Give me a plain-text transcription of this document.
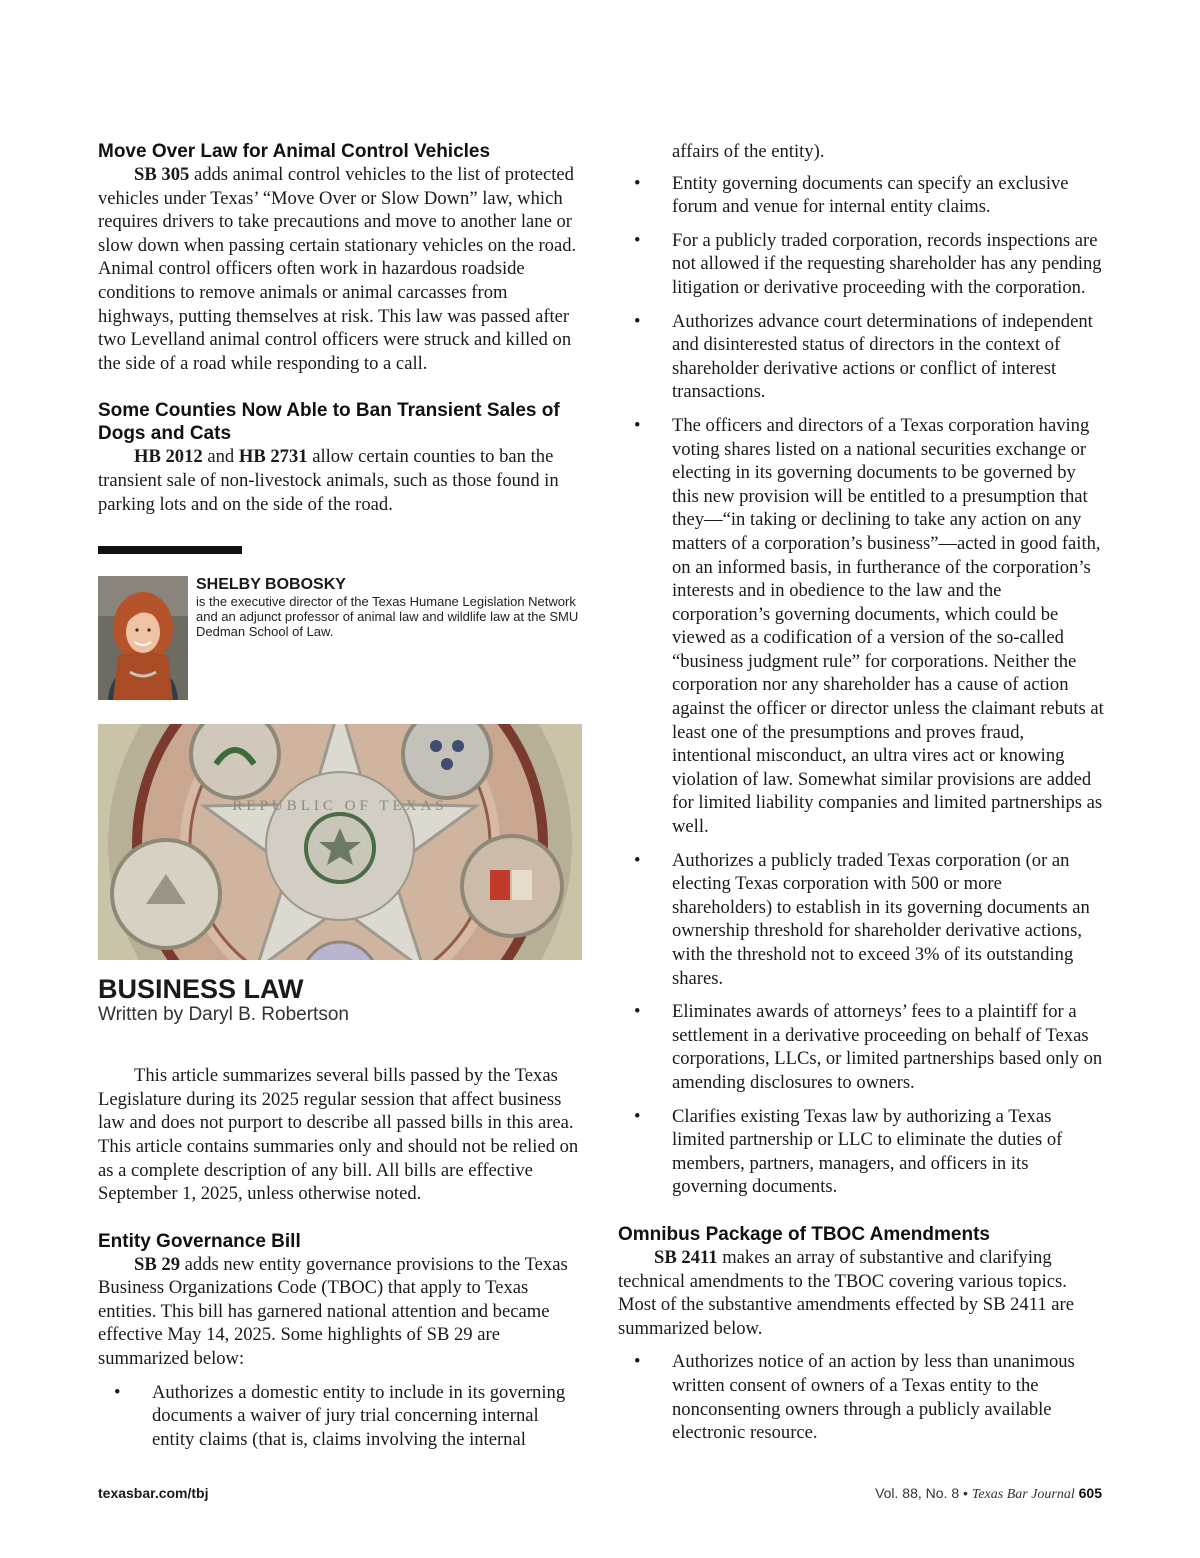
Move Over Law for Animal Control Vehicles

SB 305 adds animal control vehicles to the list of protected vehicles under Texas’ “Move Over or Slow Down” law, which requires drivers to take precautions and move to another lane or slow down when passing certain stationary vehicles on the road. Animal control officers often work in hazardous roadside conditions to remove animals or animal carcasses from highways, putting themselves at risk. This law was passed after two Levelland animal control officers were struck and killed on the side of a road while responding to a call.

Some Counties Now Able to Ban Transient Sales of Dogs and Cats

HB 2012 and HB 2731 allow certain counties to ban the transient sale of non-livestock animals, such as those found in parking lots and on the side of the road.

SHELBY BOBOSKY
is the executive director of the Texas Humane Legislation Network and an adjunct professor of animal law and wildlife law at the SMU Dedman School of Law.
REPUBLIC OF TEXAS
BUSINESS LAW
Written by Daryl B. Robertson

This article summarizes several bills passed by the Texas Legislature during its 2025 regular session that affect business law and does not purport to describe all passed bills in this area. This article contains summaries only and should not be relied on as a complete description of any bill. All bills are effective September 1, 2025, unless otherwise noted.

Entity Governance Bill

SB 29 adds new entity governance provisions to the Texas Business Organizations Code (TBOC) that apply to Texas entities. This bill has garnered national attention and became effective May 14, 2025. Some highlights of SB 29 are summarized below:

• Authorizes a domestic entity to include in its governing documents a waiver of jury trial concerning internal entity claims (that is, claims involving the internal
affairs of the entity).
• Entity governing documents can specify an exclusive forum and venue for internal entity claims.
• For a publicly traded corporation, records inspections are not allowed if the requesting shareholder has any pending litigation or derivative proceeding with the corporation.
• Authorizes advance court determinations of independent and disinterested status of directors in the context of shareholder derivative actions or conflict of interest transactions.
• The officers and directors of a Texas corporation having voting shares listed on a national securities exchange or electing in its governing documents to be governed by this new provision will be entitled to a presumption that they—“in taking or declining to take any action on any matters of a corporation’s business”—acted in good faith, on an informed basis, in furtherance of the corporation’s interests and in obedience to the law and the corporation’s governing documents, which could be viewed as a codification of a version of the so-called “business judgment rule” for corporations. Neither the corporation nor any shareholder has a cause of action against the officer or director unless the claimant rebuts at least one of the presumptions and proves fraud, intentional misconduct, an ultra vires act or knowing violation of law. Somewhat similar provisions are added for limited liability companies and limited partnerships as well.
• Authorizes a publicly traded Texas corporation (or an electing Texas corporation with 500 or more shareholders) to establish in its governing documents an ownership threshold for shareholder derivative actions, with the threshold not to exceed 3% of its outstanding shares.
• Eliminates awards of attorneys’ fees to a plaintiff for a settlement in a derivative proceeding on behalf of Texas corporations, LLCs, or limited partnerships based only on amending disclosures to owners.
• Clarifies existing Texas law by authorizing a Texas limited partnership or LLC to eliminate the duties of members, partners, managers, and officers in its governing documents.
Omnibus Package of TBOC Amendments

SB 2411 makes an array of substantive and clarifying technical amendments to the TBOC covering various topics. Most of the substantive amendments effected by SB 2411 are summarized below.

• Authorizes notice of an action by less than unanimous written consent of owners of a Texas entity to the nonconsenting owners through a publicly available electronic resource.
texasbar.com/tbj	Vol. 88, No. 8 • Texas Bar Journal 605
